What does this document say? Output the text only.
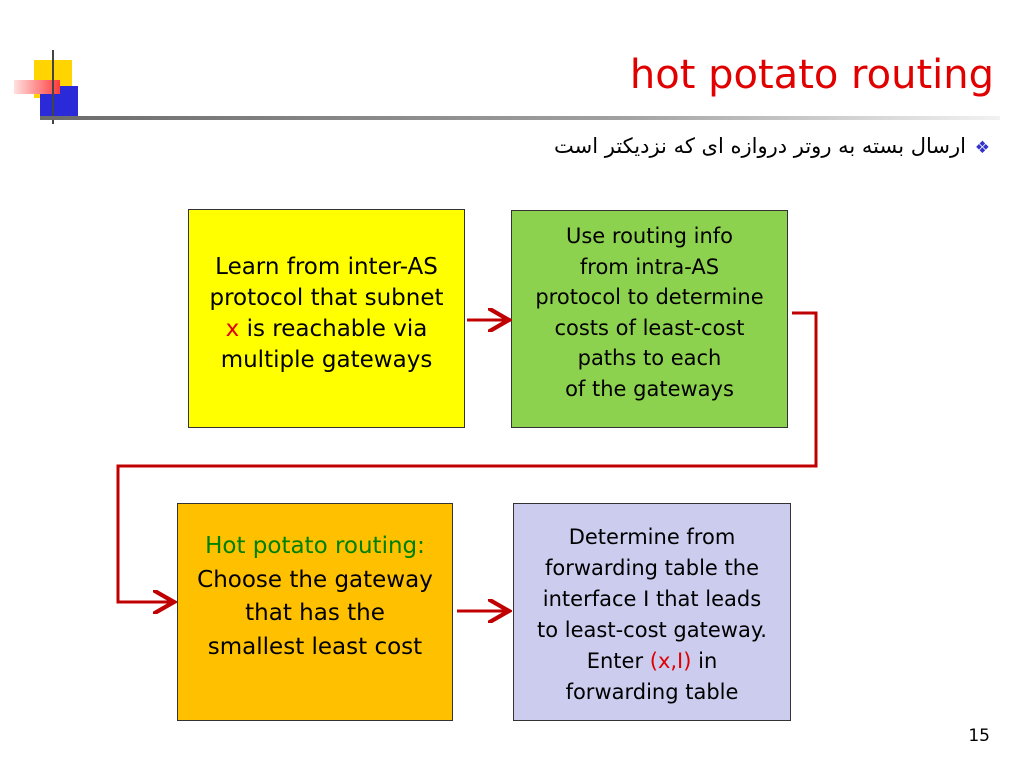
hot potato routing
❖
ارسال بسته به روتر دروازه ای که نزدیکتر است
Learn from inter-AS
protocol that subnet
x is reachable via
multiple gateways
Use routing info
from intra-AS
protocol to determine
costs of least-cost
paths to each
of the gateways
Hot potato routing:
Choose the gateway
that has the
smallest least cost
Determine from
forwarding table the
interface I that leads
to least-cost gateway.
Enter (x,I) in
forwarding table
15
